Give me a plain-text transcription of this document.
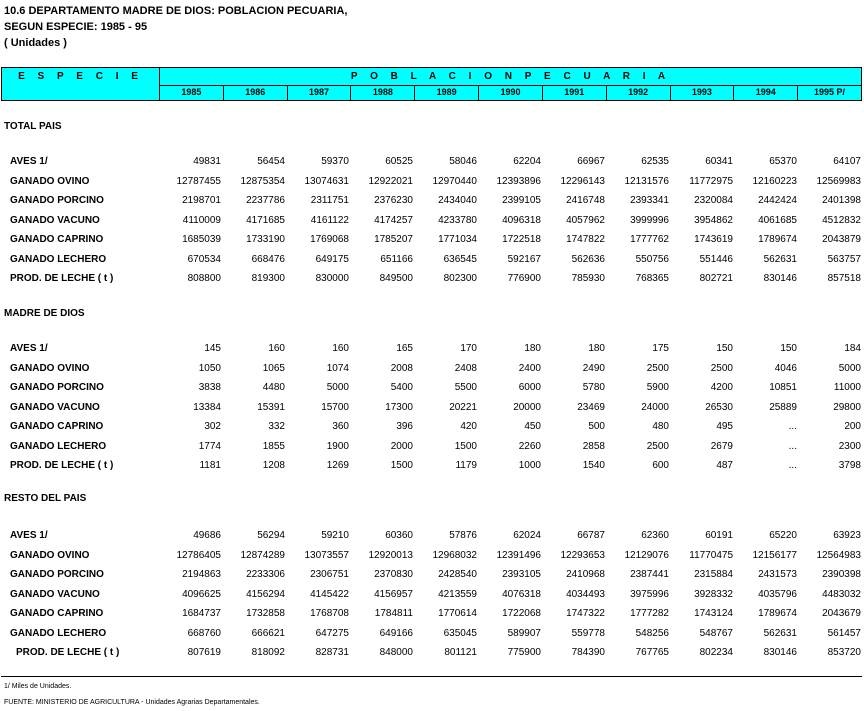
10.6 DEPARTAMENTO MADRE DE DIOS: POBLACION PECUARIA,
SEGUN ESPECIE: 1985 - 95
( Unidades )
E S P E C I E	P O B L A C I O N P E C U A R I A
1985	1986	1987	1988	1989	1990	1991	1992	1993	1994	1995 P/
TOTAL PAIS
AVES 1/	49831	56454	59370	60525	58046	62204	66967	62535	60341	65370	64107
GANADO OVINO	12787455	12875354	13074631	12922021	12970440	12393896	12296143	12131576	11772975	12160223	12569983
GANADO PORCINO	2198701	2237786	2311751	2376230	2434040	2399105	2416748	2393341	2320084	2442424	2401398
GANADO VACUNO	4110009	4171685	4161122	4174257	4233780	4096318	4057962	3999996	3954862	4061685	4512832
GANADO CAPRINO	1685039	1733190	1769068	1785207	1771034	1722518	1747822	1777762	1743619	1789674	2043879
GANADO LECHERO	670534	668476	649175	651166	636545	592167	562636	550756	551446	562631	563757
PROD. DE LECHE ( t )	808800	819300	830000	849500	802300	776900	785930	768365	802721	830146	857518
MADRE DE DIOS
AVES 1/	145	160	160	165	170	180	180	175	150	150	184
GANADO OVINO	1050	1065	1074	2008	2408	2400	2490	2500	2500	4046	5000
GANADO PORCINO	3838	4480	5000	5400	5500	6000	5780	5900	4200	10851	11000
GANADO VACUNO	13384	15391	15700	17300	20221	20000	23469	24000	26530	25889	29800
GANADO CAPRINO	302	332	360	396	420	450	500	480	495	...	200
GANADO LECHERO	1774	1855	1900	2000	1500	2260	2858	2500	2679	...	2300
PROD. DE LECHE ( t )	1181	1208	1269	1500	1179	1000	1540	600	487	...	3798
RESTO DEL PAIS
AVES 1/	49686	56294	59210	60360	57876	62024	66787	62360	60191	65220	63923
GANADO OVINO	12786405	12874289	13073557	12920013	12968032	12391496	12293653	12129076	11770475	12156177	12564983
GANADO PORCINO	2194863	2233306	2306751	2370830	2428540	2393105	2410968	2387441	2315884	2431573	2390398
GANADO VACUNO	4096625	4156294	4145422	4156957	4213559	4076318	4034493	3975996	3928332	4035796	4483032
GANADO CAPRINO	1684737	1732858	1768708	1784811	1770614	1722068	1747322	1777282	1743124	1789674	2043679
GANADO LECHERO	668760	666621	647275	649166	635045	589907	559778	548256	548767	562631	561457
PROD. DE LECHE ( t )	807619	818092	828731	848000	801121	775900	784390	767765	802234	830146	853720
1/ Miles de Unidades.
FUENTE: MINISTERIO DE AGRICULTURA - Unidades Agrarias Departamentales.
